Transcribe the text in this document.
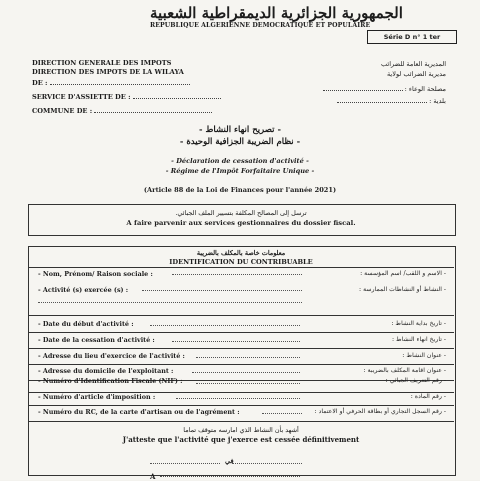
الجمهورية الجزائرية الديمقراطية الشعبية
REPUBLIQUE ALGERIENNE DEMOCRATIQUE ET POPULAIRE
Série D n° 1 ter
DIRECTION GENERALE DES IMPOTS
DIRECTION DES IMPOTS DE LA WILAYA
DE :
SERVICE D'ASSIETTE DE :
COMMUNE DE :
المديرية العامة للضرائب
مديرية الضرائب لولاية
مصلحة الوعاء :
بلدية :
- تصريح انهاء النشاط -
- نظام الضريبة الجزافية الوحيدة -
- Déclaration de cessation d'activité -
- Régime de l'Impôt Forfaitaire Unique -
(Article 88 de la Loi de Finances pour l'année 2021)
ترسل إلى المصالح المكلفة بتسيير الملف الجبائي.
A faire parvenir aux services gestionnaires du dossier fiscal.
معلومات خاصة بالمكلف بالضريبة
IDENTIFICATION DU CONTRIBUABLE
- Nom, Prénom/ Raison sociale :	- الاسم و اللقب/ اسم المؤسسة :
- Activité (s) exercée (s) :	- النشاط أو النشاطات الممارسة :
- Date du début d'activité :	- تاريخ بداية النشاط :
- Date de la cessation d'activité :	- تاريخ انهاء النشاط :
- Adresse du lieu d'exercice de l'activité :	- عنوان النشاط :
- Adresse du domicile de l'exploitant :	- عنوان اقامة المكلف بالضريبة :
- Numéro d'Identification Fiscale (NIF) :	- رقم التعريف الجبائي :
- Numéro d'article d'imposition :	- رقم المادة :
- Numéro du RC, de la carte d'artisan ou de l'agrément :	- رقم السجل التجاري أو بطاقة الحرفي أو الاعتماد :
أشهد بأن النشاط الذي امارسه متوقف تماما
J'atteste que l'activité que j'exerce est cessée définitivement
في
A
